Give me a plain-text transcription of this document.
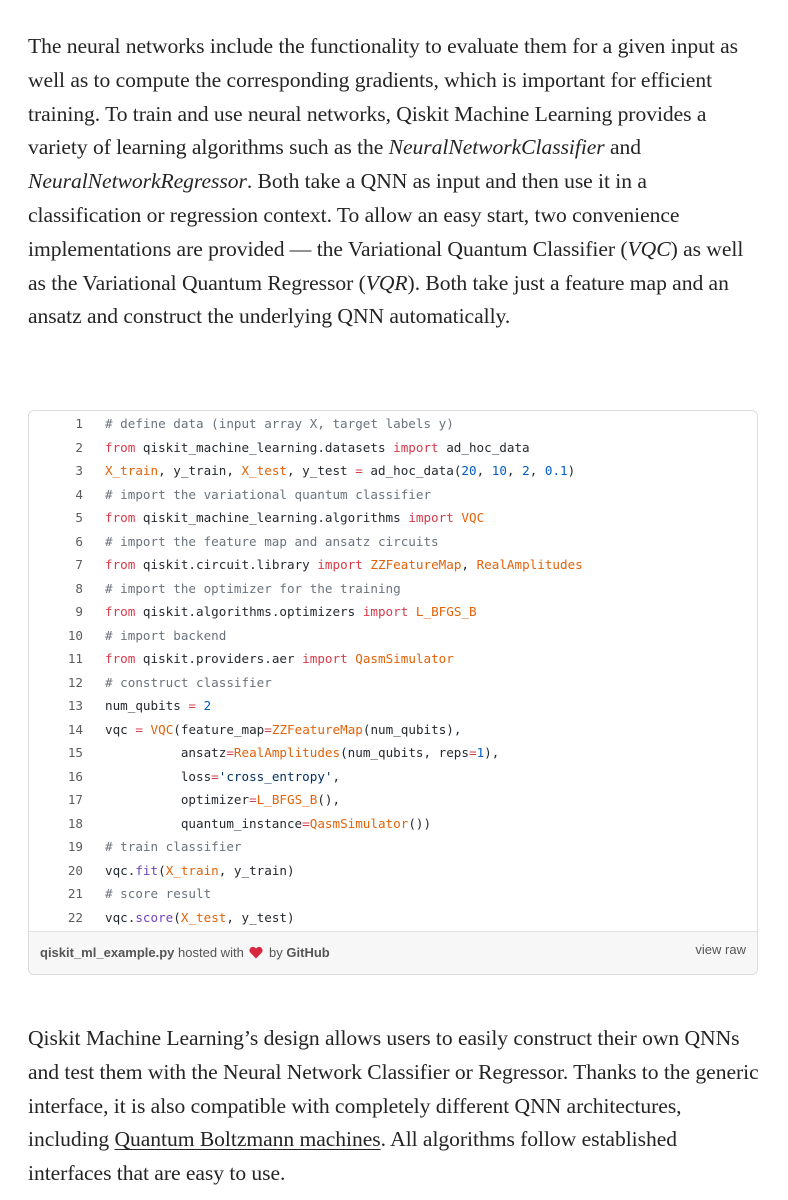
The neural networks include the functionality to evaluate them for a given input as well as to compute the corresponding gradients, which is important for efficient training. To train and use neural networks, Qiskit Machine Learning provides a variety of learning algorithms such as the NeuralNetworkClassifier and NeuralNetworkRegressor. Both take a QNN as input and then use it in a classification or regression context. To allow an easy start, two convenience implementations are provided — the Variational Quantum Classifier (VQC) as well as the Variational Quantum Regressor (VQR). Both take just a feature map and an ansatz and construct the underlying QNN automatically.

1 # define data (input array X, target labels y)
2 from qiskit_machine_learning.datasets import ad_hoc_data
3 X_train, y_train, X_test, y_test = ad_hoc_data(20, 10, 2, 0.1)
4 # import the variational quantum classifier
5 from qiskit_machine_learning.algorithms import VQC
6 # import the feature map and ansatz circuits
7 from qiskit.circuit.library import ZZFeatureMap, RealAmplitudes
8 # import the optimizer for the training
9 from qiskit.algorithms.optimizers import L_BFGS_B
10 # import backend
11 from qiskit.providers.aer import QasmSimulator
12 # construct classifier
13 num_qubits = 2
14 vqc = VQC(feature_map=ZZFeatureMap(num_qubits),
15 ansatz=RealAmplitudes(num_qubits, reps=1),
16 loss='cross_entropy',
17 optimizer=L_BFGS_B(),
18 quantum_instance=QasmSimulator())
19 # train classifier
20 vqc.fit(X_train, y_train)
21 # score result
22 vqc.score(X_test, y_test)
qiskit_ml_example.py hosted with by GitHub	view raw

Qiskit Machine Learning’s design allows users to easily construct their own QNNs and test them with the Neural Network Classifier or Regressor. Thanks to the generic interface, it is also compatible with completely different QNN architectures, including Quantum Boltzmann machines. All algorithms follow established interfaces that are easy to use.
